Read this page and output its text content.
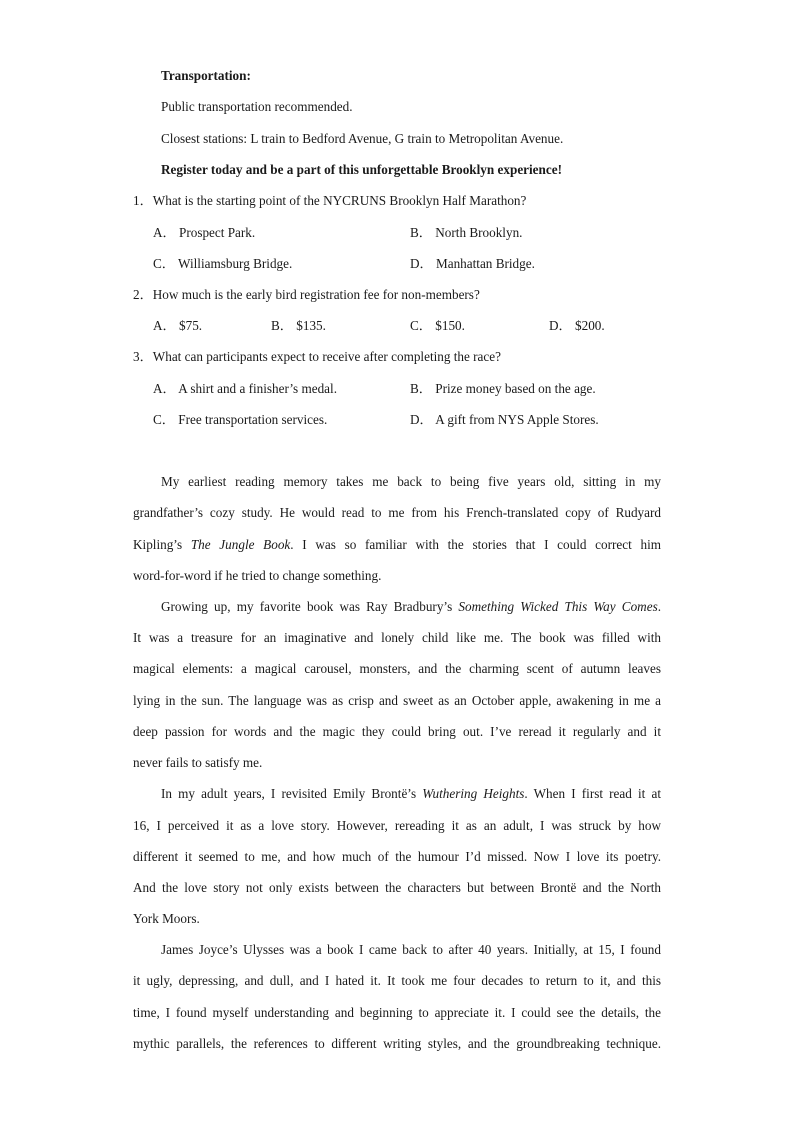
Transportation:
Public transportation recommended.
Closest stations: L train to Bedford Avenue, G train to Metropolitan Avenue.
Register today and be a part of this unforgettable Brooklyn experience!
1．What is the starting point of the NYCRUNS Brooklyn Half Marathon?
A． Prospect Park.	B． North Brooklyn.
C． Williamsburg Bridge.	D． Manhattan Bridge.
2．How much is the early bird registration fee for non-members?
A． $75.	B． $135.	C． $150.	D． $200.
3．What can participants expect to receive after completing the race?
A． A shirt and a finisher’s medal.	B． Prize money based on the age.
C． Free transportation services.	D． A gift from NYS Apple Stores.
My earliest reading memory takes me back to being five years old, sitting in my
grandfather’s cozy study. He would read to me from his French-translated copy of Rudyard
Kipling’s The Jungle Book. I was so familiar with the stories that I could correct him
word-for-word if he tried to change something.
Growing up, my favorite book was Ray Bradbury’s Something Wicked This Way Comes.
It was a treasure for an imaginative and lonely child like me. The book was filled with
magical elements: a magical carousel, monsters, and the charming scent of autumn leaves
lying in the sun. The language was as crisp and sweet as an October apple, awakening in me a
deep passion for words and the magic they could bring out. I’ve reread it regularly and it
never fails to satisfy me.
In my adult years, I revisited Emily Brontë’s Wuthering Heights. When I first read it at
16, I perceived it as a love story. However, rereading it as an adult, I was struck by how
different it seemed to me, and how much of the humour I’d missed. Now I love its poetry.
And the love story not only exists between the characters but between Brontë and the North
York Moors.
James Joyce’s Ulysses was a book I came back to after 40 years. Initially, at 15, I found
it ugly, depressing, and dull, and I hated it. It took me four decades to return to it, and this
time, I found myself understanding and beginning to appreciate it. I could see the details, the
mythic parallels, the references to different writing styles, and the groundbreaking technique.
